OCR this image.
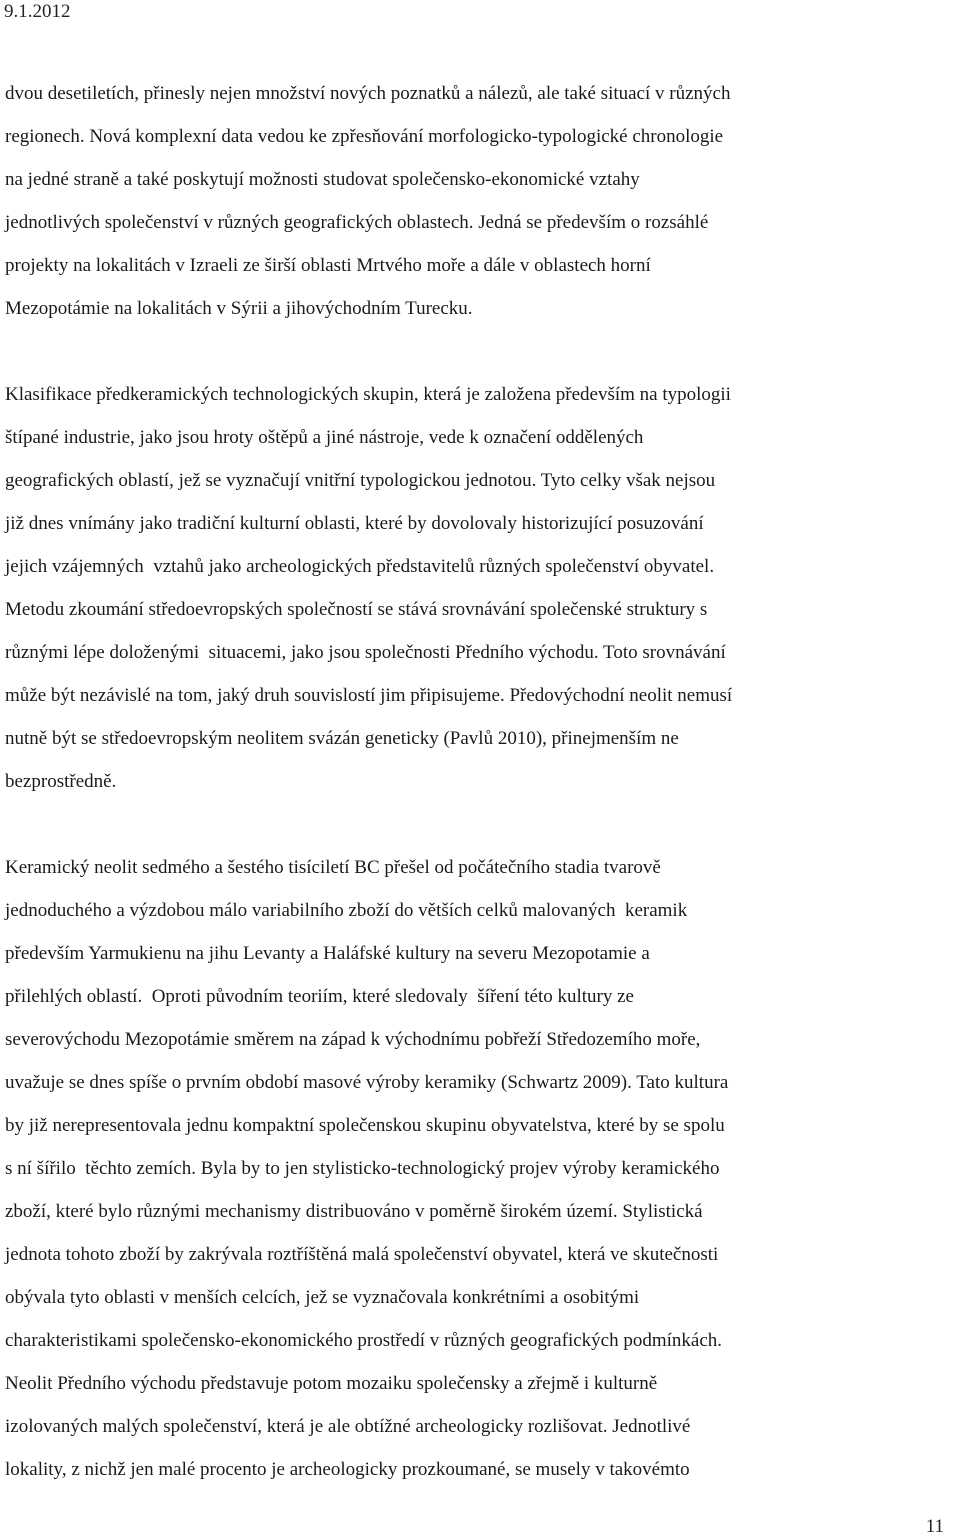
9.1.2012
dvou desetiletích, přinesly nejen množství nových poznatků a nálezů, ale také situací v různých
regionech. Nová komplexní data vedou ke zpřesňování morfologicko-typologické chronologie
na jedné straně a také poskytují možnosti studovat společensko-ekonomické vztahy
jednotlivých společenství v různých geografických oblastech. Jedná se především o rozsáhlé
projekty na lokalitách v Izraeli ze širší oblasti Mrtvého moře a dále v oblastech horní
Mezopotámie na lokalitách v Sýrii a jihovýchodním Turecku.
Klasifikace předkeramických technologických skupin, která je založena především na typologii
štípané industrie, jako jsou hroty oštěpů a jiné nástroje, vede k označení oddělených
geografických oblastí, jež se vyznačují vnitřní typologickou jednotou. Tyto celky však nejsou
již dnes vnímány jako tradiční kulturní oblasti, které by dovolovaly historizující posuzování
jejich vzájemných  vztahů jako archeologických představitelů různých společenství obyvatel.
Metodu zkoumání středoevropských společností se stává srovnávání společenské struktury s
různými lépe doloženými  situacemi, jako jsou společnosti Předního východu. Toto srovnávání
může být nezávislé na tom, jaký druh souvislostí jim připisujeme. Předovýchodní neolit nemusí
nutně být se středoevropským neolitem svázán geneticky (Pavlů 2010), přinejmenším ne
bezprostředně.
Keramický neolit sedmého a šestého tisíciletí BC přešel od počátečního stadia tvarově
jednoduchého a výzdobou málo variabilního zboží do větších celků malovaných  keramik
především Yarmukienu na jihu Levanty a Haláfské kultury na severu Mezopotamie a
přilehlých oblastí.  Oproti původním teoriím, které sledovaly  šíření této kultury ze
severovýchodu Mezopotámie směrem na západ k východnímu pobřeží Středozemího moře,
uvažuje se dnes spíše o prvním období masové výroby keramiky (Schwartz 2009). Tato kultura
by již nerepresentovala jednu kompaktní společenskou skupinu obyvatelstva, které by se spolu
s ní šířilo  těchto zemích. Byla by to jen stylisticko-technologický projev výroby keramického
zboží, které bylo různými mechanismy distribuováno v poměrně širokém území. Stylistická
jednota tohoto zboží by zakrývala roztříštěná malá společenství obyvatel, která ve skutečnosti
obývala tyto oblasti v menších celcích, jež se vyznačovala konkrétními a osobitými
charakteristikami společensko-ekonomického prostředí v různých geografických podmínkách.
Neolit Předního východu představuje potom mozaiku společensky a zřejmě i kulturně
izolovaných malých společenství, která je ale obtížné archeologicky rozlišovat. Jednotlivé
lokality, z nichž jen malé procento je archeologicky prozkoumané, se musely v takovémto
11
